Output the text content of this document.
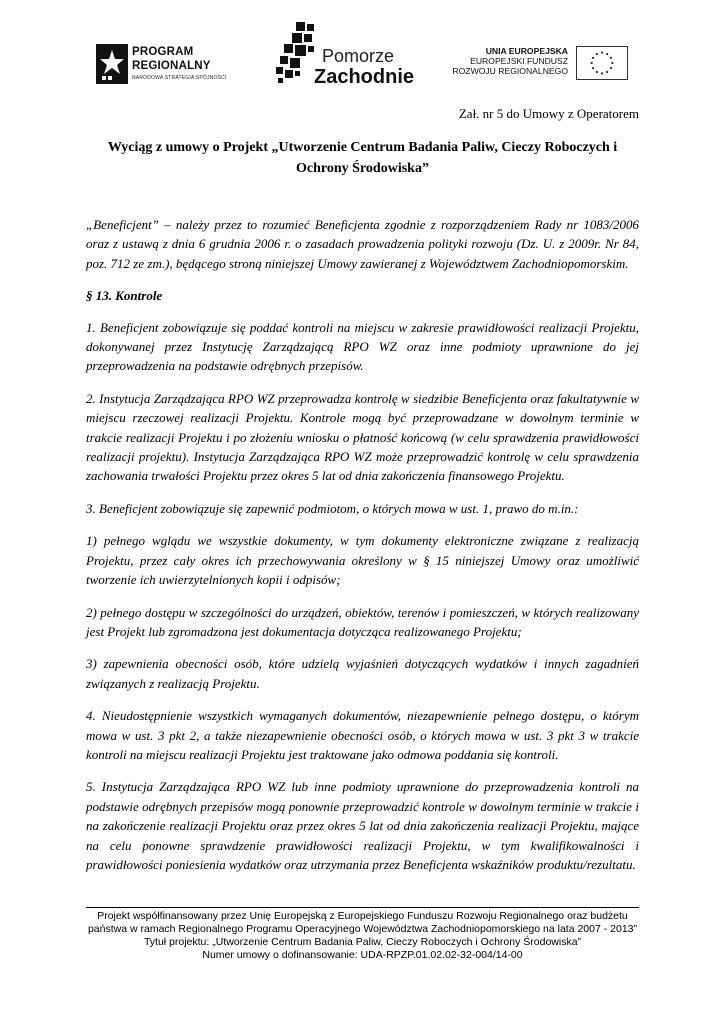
PROGRAM
REGIONALNY
NARODOWA STRATEGIA SPÓJNOŚCI
Pomorze
Zachodnie
UNIA EUROPEJSKA
EUROPEJSKI FUNDUSZ
ROZWOJU REGIONALNEGO
Zał. nr 5 do Umowy z Operatorem
Wyciąg z umowy o Projekt „Utworzenie Centrum Badania Paliw, Cieczy Roboczych i
Ochrony Środowiska”

„Beneficjent” – należy przez to rozumieć Beneficjenta zgodnie z rozporządzeniem Rady nr 1083/2006 oraz z ustawą z dnia 6 grudnia 2006 r. o zasadach prowadzenia polityki rozwoju (Dz. U. z 2009r. Nr 84, poz. 712 ze zm.), będącego stroną niniejszej Umowy zawieranej z Województwem Zachodniopomorskim.

§ 13. Kontrole

1. Beneficjent zobowiązuje się poddać kontroli na miejscu w zakresie prawidłowości realizacji Projektu, dokonywanej przez Instytucję Zarządzającą RPO WZ oraz inne podmioty uprawnione do jej przeprowadzenia na podstawie odrębnych przepisów.

2. Instytucja Zarządzająca RPO WZ przeprowadza kontrolę w siedzibie Beneficjenta oraz fakultatywnie w miejscu rzeczowej realizacji Projektu. Kontrole mogą być przeprowadzane w dowolnym terminie w trakcie realizacji Projektu i po złożeniu wniosku o płatność końcową (w celu sprawdzenia prawidłowości realizacji projektu). Instytucja Zarządzająca RPO WZ może przeprowadzić kontrolę w celu sprawdzenia zachowania trwałości Projektu przez okres 5 lat od dnia zakończenia finansowego Projektu.

3. Beneficjent zobowiązuje się zapewnić podmiotom, o których mowa w ust. 1, prawo do m.in.:

1) pełnego wglądu we wszystkie dokumenty, w tym dokumenty elektroniczne związane z realizacją Projektu, przez cały okres ich przechowywania określony w § 15 niniejszej Umowy oraz umożliwić tworzenie ich uwierzytelnionych kopii i odpisów;

2) pełnego dostępu w szczególności do urządzeń, obiektów, terenów i pomieszczeń, w których realizowany jest Projekt lub zgromadzona jest dokumentacja dotycząca realizowanego Projektu;

3) zapewnienia obecności osób, które udzielą wyjaśnień dotyczących wydatków i innych zagadnień związanych z realizacją Projektu.

4. Nieudostępnienie wszystkich wymaganych dokumentów, niezapewnienie pełnego dostępu, o którym mowa w ust. 3 pkt 2, a także niezapewnienie obecności osób, o których mowa w ust. 3 pkt 3 w trakcie kontroli na miejscu realizacji Projektu jest traktowane jako odmowa poddania się kontroli.

5. Instytucja Zarządzająca RPO WZ lub inne podmioty uprawnione do przeprowadzenia kontroli na podstawie odrębnych przepisów mogą ponownie przeprowadzić kontrole w dowolnym terminie w trakcie i na zakończenie realizacji Projektu oraz przez okres 5 lat od dnia zakończenia realizacji Projektu, mające na celu ponowne sprawdzenie prawidłowości realizacji Projektu, w tym kwalifikowalności i prawidłowości poniesienia wydatków oraz utrzymania przez Beneficjenta wskaźników produktu/rezultatu.

Projekt współfinansowany przez Unię Europejską z Europejskiego Funduszu Rozwoju Regionalnego oraz budżetu
państwa w ramach Regionalnego Programu Operacyjnego Województwa Zachodniopomorskiego na lata 2007 - 2013”
Tytuł projektu: „Utworzenie Centrum Badania Paliw, Cieczy Roboczych i Ochrony Środowiska”
Numer umowy o dofinansowanie: UDA-RPZP.01.02.02-32-004/14-00
